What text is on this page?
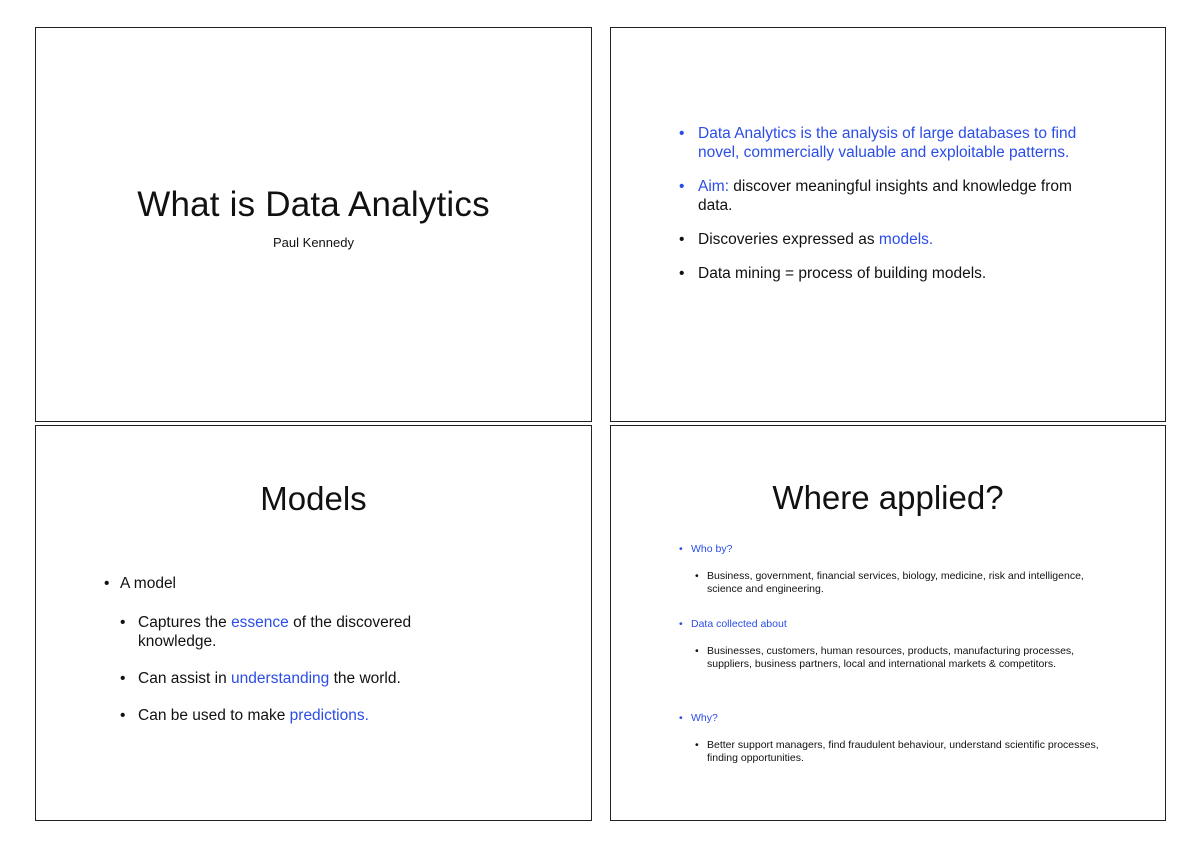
What is Data Analytics
Paul Kennedy
• Data Analytics is the analysis of large databases to find novel, commercially valuable and exploitable patterns.
• Aim: discover meaningful insights and knowledge from data.
• Discoveries expressed as models.
• Data mining = process of building models.
Models
• A model
• Captures the essence of the discovered knowledge.
• Can assist in understanding the world.
• Can be used to make predictions.
Where applied?
• Who by?
• Business, government, financial services, biology, medicine, risk and intelligence, science and engineering.
• Data collected about
• Businesses, customers, human resources, products, manufacturing processes, suppliers, business partners, local and international markets & competitors.
• Why?
• Better support managers, find fraudulent behaviour, understand scientific processes, finding opportunities.
